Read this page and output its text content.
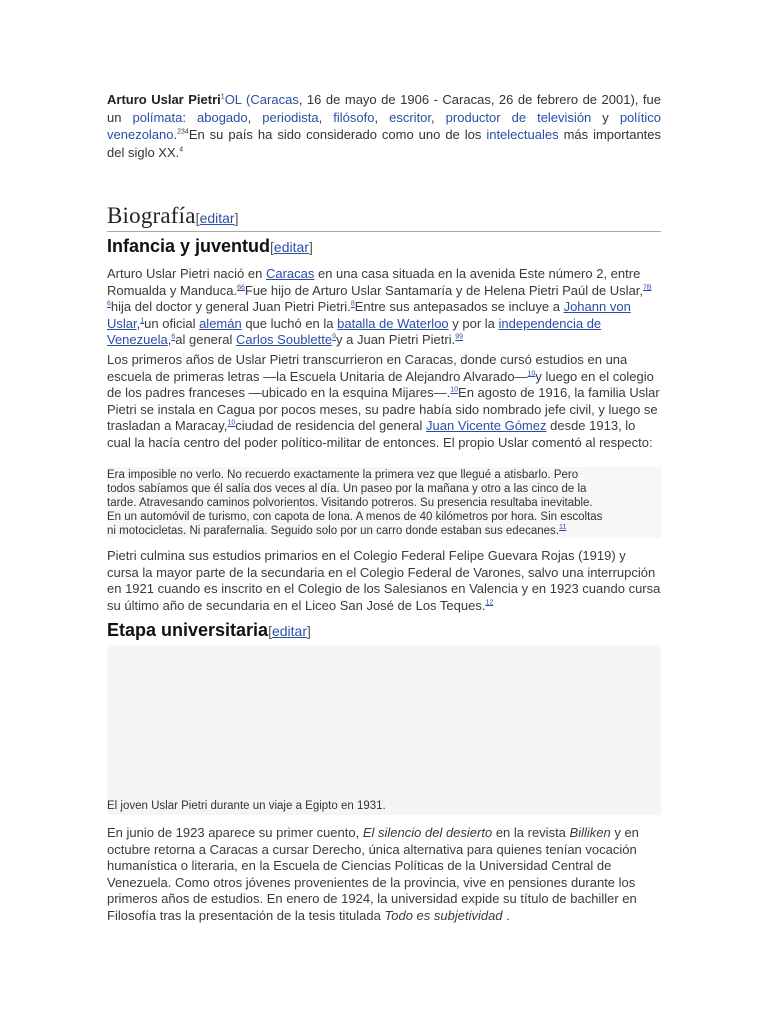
Arturo Uslar Pietri$^1$OL (Caracas, 16 de mayo de 1906 - Caracas, 26 de febrero de 2001), fue un polímata: abogado, periodista, filósofo, escritor, productor de televisión y político venezolano.$^{234}$En su país ha sido considerado como uno de los intelectuales más importantes del siglo XX.$^4$
Biografía[editar]
Infancia y juventud[editar]
Arturo Uslar Pietri nació en Caracas en una casa situada en la avenida Este número 2, entre Romualda y Manduca.$^{66}$Fue hijo de Arturo Uslar Santamaría y de Helena Pietri Paúl de Uslar,$^{7B}$ $^6$hija del doctor y general Juan Pietri Pietri.$^8$Entre sus antepasados se incluye a Johann von Uslar,$^1$un oficial alemán que luchó en la batalla de Waterloo y por la independencia de Venezuela,$^6$al general Carlos Soublette$^9$y a Juan Pietri Pietri.$^{99}$
Los primeros años de Uslar Pietri transcurrieron en Caracas, donde cursó estudios en una escuela de primeras letras —la Escuela Unitaria de Alejandro Alvarado—$^{10}$y luego en el colegio de los padres franceses —ubicado en la esquina Mijares—.$^{10}$En agosto de 1916, la familia Uslar Pietri se instala en Cagua por pocos meses, su padre había sido nombrado jefe civil, y luego se trasladan a Maracay,$^{10}$ciudad de residencia del general Juan Vicente Gómez desde 1913, lo cual la hacía centro del poder político-militar de entonces. El propio Uslar comentó al respecto:
Era imposible no verlo. No recuerdo exactamente la primera vez que llegué a atisbarlo. Pero todos sabíamos que él salía dos veces al día. Un paseo por la mañana y otro a las cinco de la tarde. Atravesando caminos polvorientos. Visitando potreros. Su presencia resultaba inevitable. En un automóvil de turismo, con capota de lona. A menos de 40 kilómetros por hora. Sin escoltas ni motocicletas. Ni parafernalia. Seguido solo por un carro donde estaban sus edecanes.$^{11}$
Pietri culmina sus estudios primarios en el Colegio Federal Felipe Guevara Rojas (1919) y cursa la mayor parte de la secundaria en el Colegio Federal de Varones, salvo una interrupción en 1921 cuando es inscrito en el Colegio de los Salesianos en Valencia y en 1923 cuando cursa su último año de secundaria en el Liceo San José de Los Teques.$^{12}$
Etapa universitaria[editar]
El joven Uslar Pietri durante un viaje a Egipto en 1931.
En junio de 1923 aparece su primer cuento, El silencio del desierto en la revista Billiken y en octubre retorna a Caracas a cursar Derecho, única alternativa para quienes tenían vocación humanística o literaria, en la Escuela de Ciencias Políticas de la Universidad Central de Venezuela. Como otros jóvenes provenientes de la provincia, vive en pensiones durante los primeros años de estudios. En enero de 1924, la universidad expide su título de bachiller en Filosofía tras la presentación de la tesis titulada Todo es subjetividad .
